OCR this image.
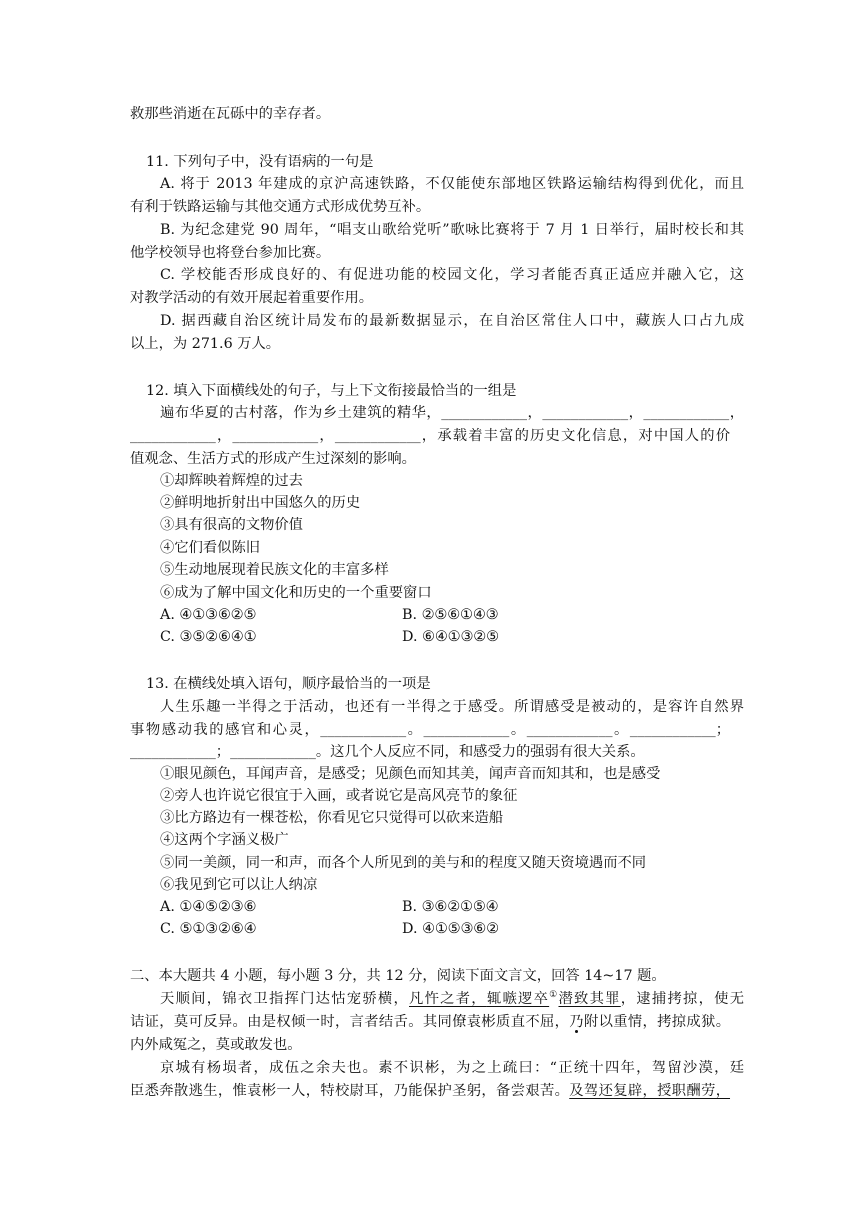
救那些消逝在瓦砾中的幸存者。
11. 下列句子中，没有语病的一句是
A. 将于 2013 年建成的京沪高速铁路，不仅能使东部地区铁路运输结构得到优化，而且
有利于铁路运输与其他交通方式形成优势互补。
B. 为纪念建党 90 周年，“唱支山歌给党听”歌咏比赛将于 7 月 1 日举行，届时校长和其
他学校领导也将登台参加比赛。
C. 学校能否形成良好的、有促进功能的校园文化，学习者能否真正适应并融入它，这
对教学活动的有效开展起着重要作用。
D. 据西藏自治区统计局发布的最新数据显示，在自治区常住人口中，藏族人口占九成
以上，为 271.6 万人。
12. 填入下面横线处的句子，与上下文衔接最恰当的一组是
遍布华夏的古村落，作为乡土建筑的精华，____________，____________，____________，
____________，____________，____________，承载着丰富的历史文化信息，对中国人的价
值观念、生活方式的形成产生过深刻的影响。
①却辉映着辉煌的过去
②鲜明地折射出中国悠久的历史
③具有很高的文物价值
④它们看似陈旧
⑤生动地展现着民族文化的丰富多样
⑥成为了解中国文化和历史的一个重要窗口
A. ④①③⑥②⑤	B. ②⑤⑥①④③
C. ③⑤②⑥④①	D. ⑥④①③②⑤
13. 在横线处填入语句，顺序最恰当的一项是
人生乐趣一半得之于活动，也还有一半得之于感受。所谓感受是被动的，是容许自然界
事物感动我的感官和心灵，____________。____________。____________。____________；
____________；____________。这几个人反应不同，和感受力的强弱有很大关系。
①眼见颜色，耳闻声音，是感受；见颜色而知其美，闻声音而知其和，也是感受
②旁人也许说它很宜于入画，或者说它是高风亮节的象征
③比方路边有一棵苍松，你看见它只觉得可以砍来造船
④这两个字涵义极广
⑤同一美颜，同一和声，而各个人所见到的美与和的程度又随天资境遇而不同
⑥我见到它可以让人纳凉
A. ①④⑤②③⑥	B. ③⑥②①⑤④
C. ⑤①③②⑥④	D. ④①⑤③⑥②
二、本大题共 4 小题，每小题 3 分，共 12 分，阅读下面文言文，回答 14~17 题。
天顺间，锦衣卫指挥门达怙宠骄横，凡忤之者，辄嗾逻卒①潜致其罪，逮捕拷掠，使无
诘证，莫可反异。由是权倾一时，言者结舌。其同僚袁彬质直不屈，乃附以重情，拷掠成狱。
内外咸冤之，莫或敢发也。
京城有杨埙者，成伍之余夫也。素不识彬，为之上疏曰：“正统十四年，驾留沙漠，廷
臣悉奔散逃生，惟袁彬一人，特校尉耳，乃能保护圣躬，备尝艰苦。及驾还复辟，授职酬劳，
